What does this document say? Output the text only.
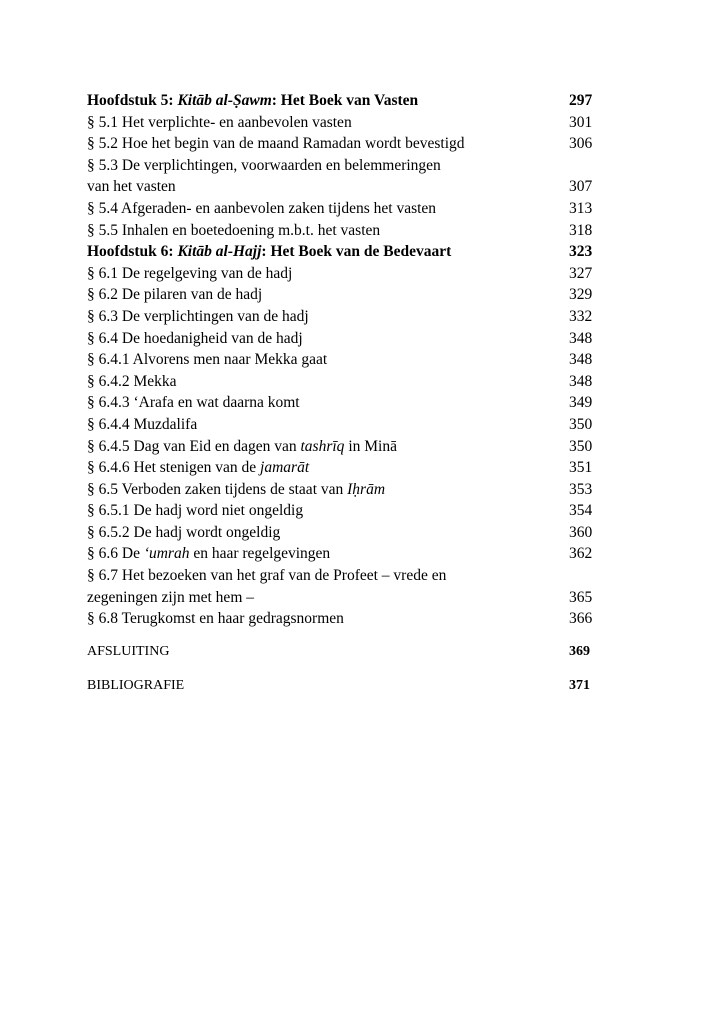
Hoofdstuk 5: Kitāb al-Ṣawm: Het Boek van Vasten	297
§ 5.1 Het verplichte- en aanbevolen vasten	301
§ 5.2 Hoe het begin van de maand Ramadan wordt bevestigd	306
§ 5.3 De verplichtingen, voorwaarden en belemmeringen
van het vasten	307
§ 5.4 Afgeraden- en aanbevolen zaken tijdens het vasten	313
§ 5.5 Inhalen en boetedoening m.b.t. het vasten	318
Hoofdstuk 6: Kitāb al-Hajj: Het Boek van de Bedevaart	323
§ 6.1 De regelgeving van de hadj	327
§ 6.2 De pilaren van de hadj	329
§ 6.3 De verplichtingen van de hadj	332
§ 6.4 De hoedanigheid van de hadj	348
§ 6.4.1 Alvorens men naar Mekka gaat	348
§ 6.4.2 Mekka	348
§ 6.4.3 ‘Arafa en wat daarna komt	349
§ 6.4.4 Muzdalifa	350
§ 6.4.5 Dag van Eid en dagen van tashrīq in Minā	350
§ 6.4.6 Het stenigen van de jamarāt	351
§ 6.5 Verboden zaken tijdens de staat van Iḥrām	353
§ 6.5.1 De hadj word niet ongeldig	354
§ 6.5.2 De hadj wordt ongeldig	360
§ 6.6 De ‘umrah en haar regelgevingen	362
§ 6.7 Het bezoeken van het graf van de Profeet – vrede en
zegeningen zijn met hem –	365
§ 6.8 Terugkomst en haar gedragsnormen	366
AFSLUITING	369
BIBLIOGRAFIE	371
